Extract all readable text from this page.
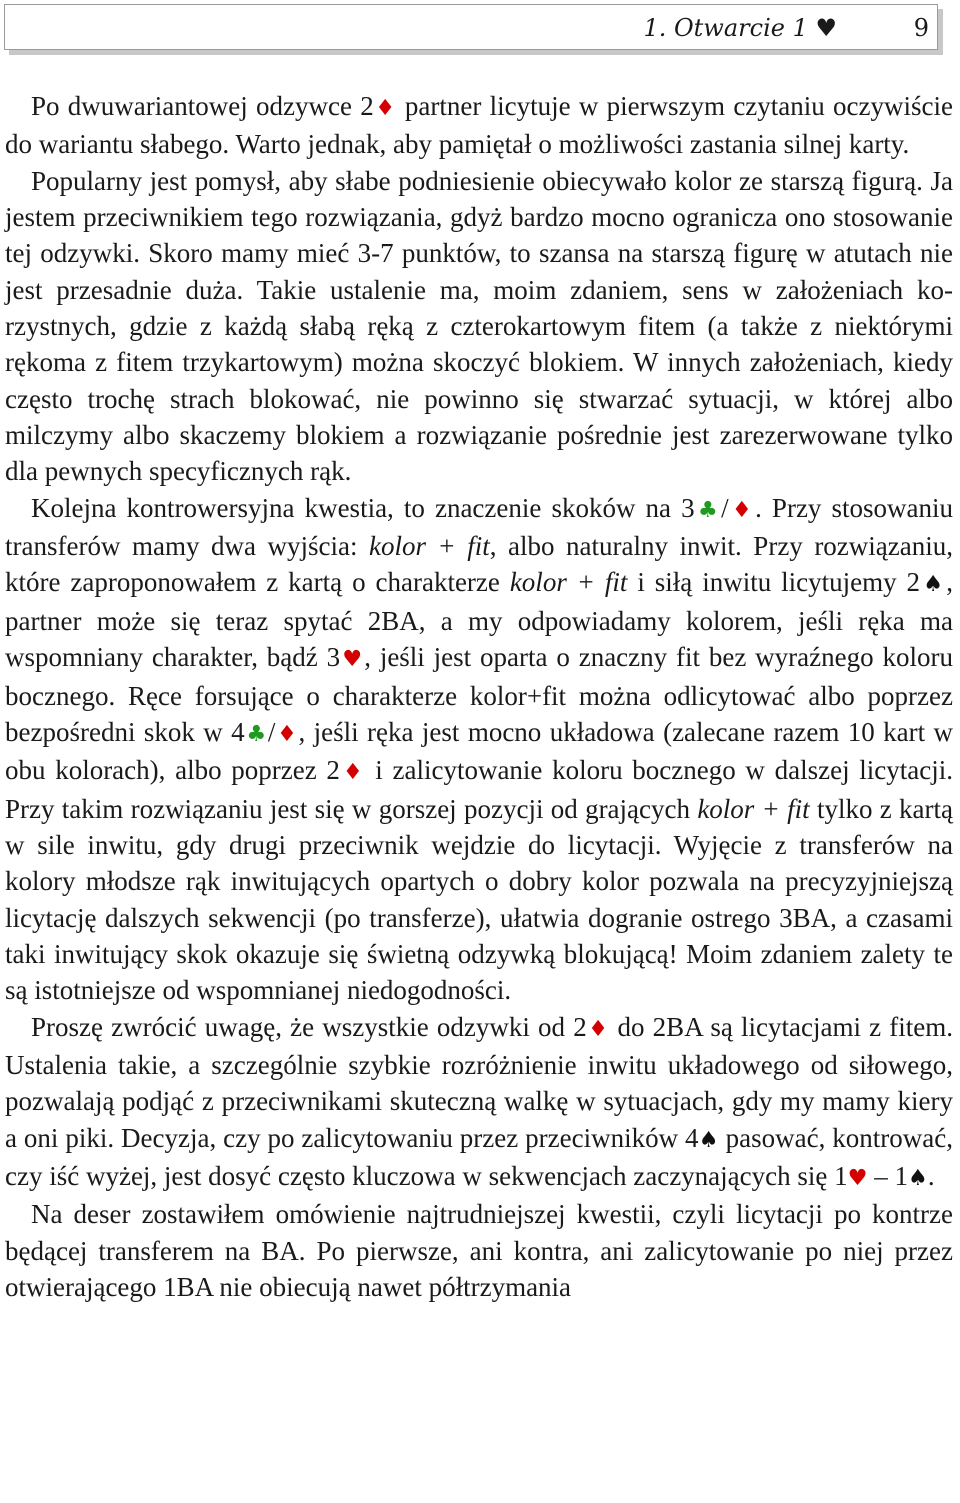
1. Otwarcie 1 ♥	9

Po dwuwariantowej odzywce 2♦ partner licytuje w pierwszym czytaniu oczywiście do wariantu słabego. Warto jednak, aby pamiętał o możliwości zastania silnej karty.

Popularny jest pomysł, aby słabe podniesienie obiecywało kolor ze starszą figurą. Ja jestem przeciwnikiem tego rozwiązania, gdyż bardzo mocno ogranicza ono stosowanie tej odzywki. Skoro mamy mieć 3-7 punktów, to szansa na starszą figurę w atutach nie jest przesadnie duża. Takie ustalenie ma, moim zdaniem, sens w założeniach korzystnych, gdzie z każdą słabą ręką z czterokartowym fitem (a także z niektórymi rękoma z fitem trzykartowym) można skoczyć blokiem. W innych założeniach, kiedy często trochę strach blokować, nie powinno się stwarzać sytuacji, w której albo milczymy albo skaczemy blokiem a rozwiązanie pośrednie jest zarezerwowane tylko dla pewnych specyficznych rąk.

Kolejna kontrowersyjna kwestia, to znaczenie skoków na 3♣/♦. Przy stosowaniu transferów mamy dwa wyjścia: kolor + fit, albo naturalny inwit. Przy rozwiązaniu, które zaproponowałem z kartą o charakterze kolor + fit i siłą inwitu licytujemy 2♠, partner może się teraz spytać 2BA, a my odpowiadamy kolorem, jeśli ręka ma wspomniany charakter, bądź 3♥, jeśli jest oparta o znaczny fit bez wyraźnego koloru bocznego. Ręce forsujące o charakterze kolor+fit można odlicytować albo poprzez bezpośredni skok w 4♣/♦, jeśli ręka jest mocno układowa (zalecane razem 10 kart w obu kolorach), albo poprzez 2♦ i zalicytowanie koloru bocznego w dalszej licytacji. Przy takim rozwiązaniu jest się w gorszej pozycji od grających kolor + fit tylko z kartą w sile inwitu, gdy drugi przeciwnik wejdzie do licytacji. Wyjęcie z transferów na kolory młodsze rąk inwitujących opartych o dobry kolor pozwala na precyzyjniejszą licytację dalszych sekwencji (po transferze), ułatwia dogranie ostrego 3BA, a czasami taki inwitujący skok okazuje się świetną odzywką blokującą! Moim zdaniem zalety te są istotniejsze od wspomnianej niedogodności.

Proszę zwrócić uwagę, że wszystkie odzywki od 2♦ do 2BA są licytacjami z fitem. Ustalenia takie, a szczególnie szybkie rozróżnienie inwitu układowego od siłowego, pozwalają podjąć z przeciwnikami skuteczną walkę w sytuacjach, gdy my mamy kiery a oni piki. Decyzja, czy po zalicytowaniu przez przeciwników 4♠ pasować, kontrować, czy iść wyżej, jest dosyć często kluczowa w sekwencjach zaczynających się 1♥ – 1♠.

Na deser zostawiłem omówienie najtrudniejszej kwestii, czyli licytacji po kontrze będącej transferem na BA. Po pierwsze, ani kontra, ani zalicytowanie po niej przez otwierającego 1BA nie obiecują nawet półtrzymania
